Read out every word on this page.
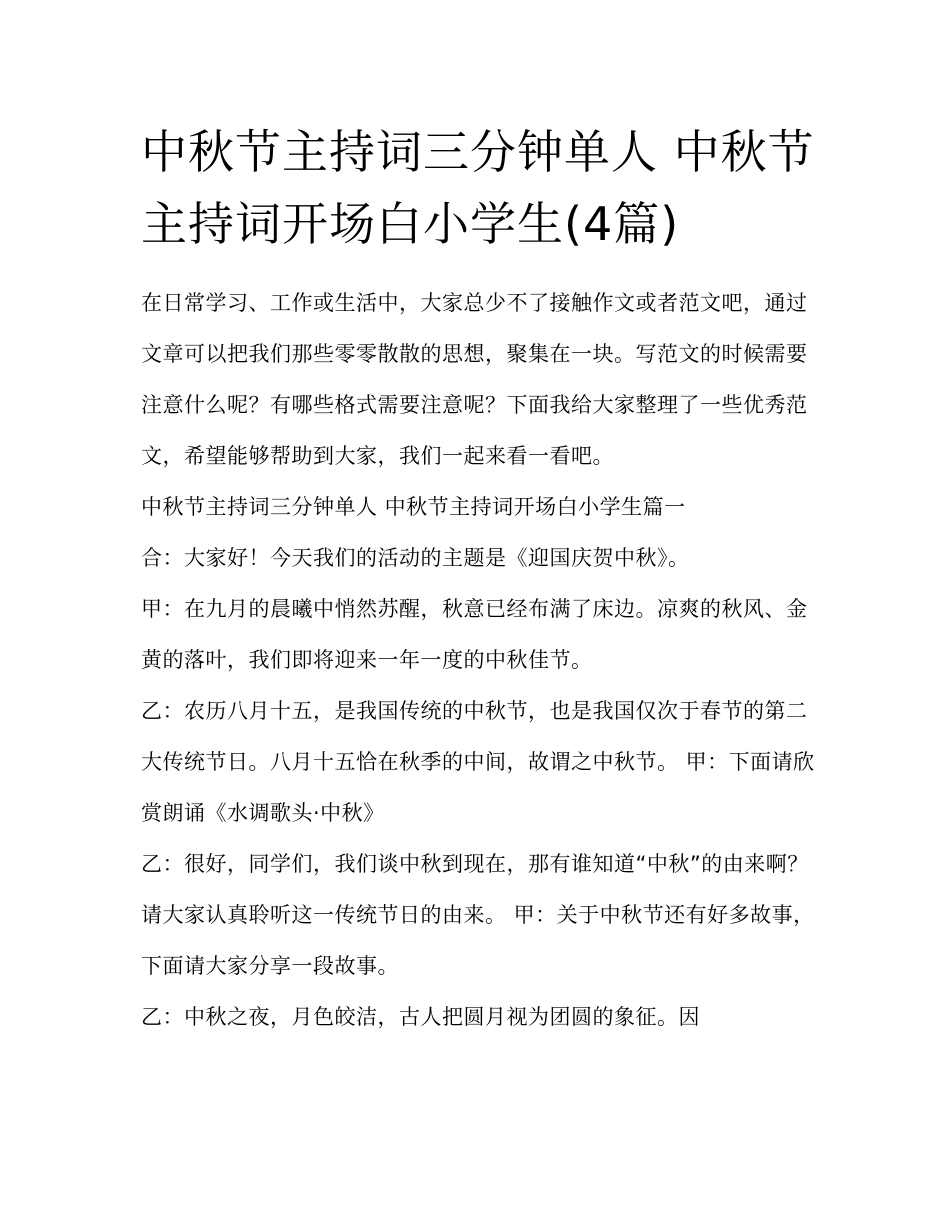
中秋节主持词三分钟单人 中秋节主持词开场白小学生(4篇)

在日常学习、工作或生活中，大家总少不了接触作文或者范文吧，通过文章可以把我们那些零零散散的思想，聚集在一块。写范文的时候需要注意什么呢？有哪些格式需要注意呢？下面我给大家整理了一些优秀范文，希望能够帮助到大家，我们一起来看一看吧。

中秋节主持词三分钟单人 中秋节主持词开场白小学生篇一

合：大家好！今天我们的活动的主题是《迎国庆贺中秋》。

甲：在九月的晨曦中悄然苏醒，秋意已经布满了床边。凉爽的秋风、金黄的落叶，我们即将迎来一年一度的中秋佳节。

乙：农历八月十五，是我国传统的中秋节，也是我国仅次于春节的第二大传统节日。八月十五恰在秋季的中间，故谓之中秋节。 甲：下面请欣赏朗诵《水调歌头·中秋》

乙：很好，同学们，我们谈中秋到现在，那有谁知道“中秋”的由来啊？请大家认真聆听这一传统节日的由来。 甲：关于中秋节还有好多故事，下面请大家分享一段故事。

乙：中秋之夜，月色皎洁，古人把圆月视为团圆的象征。因
